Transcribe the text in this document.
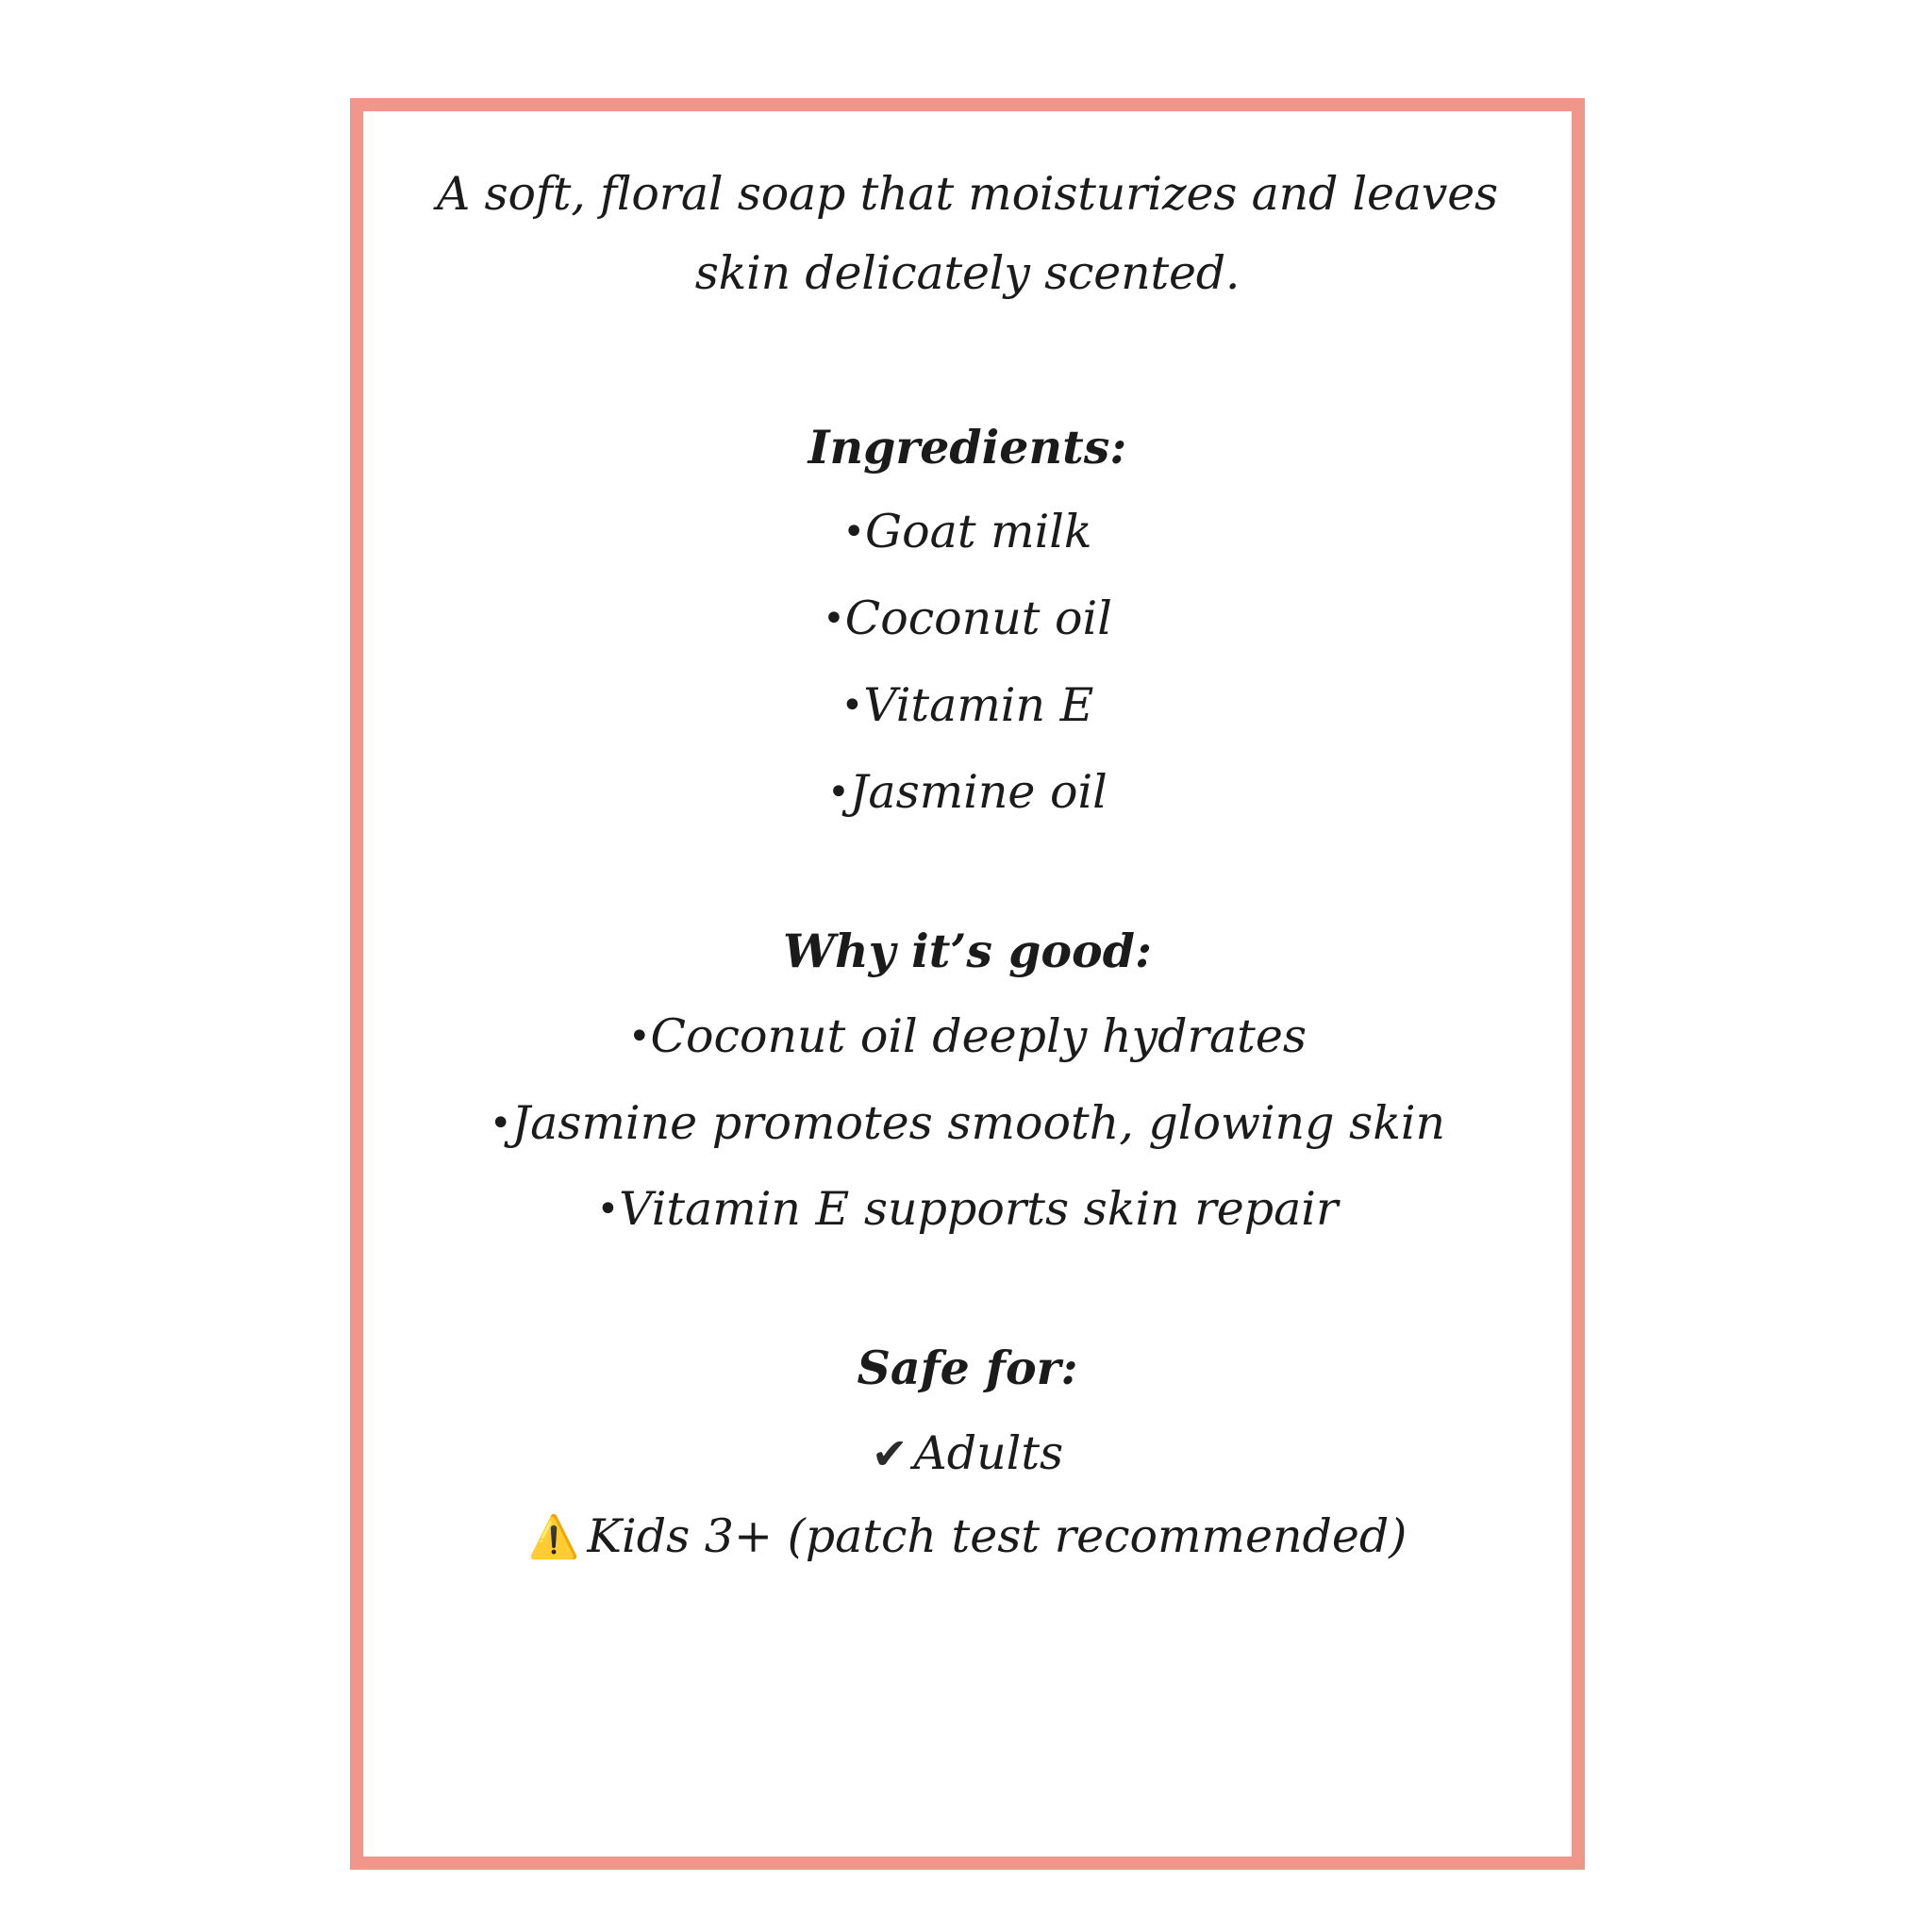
A soft, floral soap that moisturizes and leaves skin delicately scented.

Ingredients:
•Goat milk
•Coconut oil
•Vitamin E
•Jasmine oil
Why it’s good:
•Coconut oil deeply hydrates
•Jasmine promotes smooth, glowing skin
•Vitamin E supports skin repair
Safe for:

✔ Adults

⚠️ Kids 3+ (patch test recommended)
